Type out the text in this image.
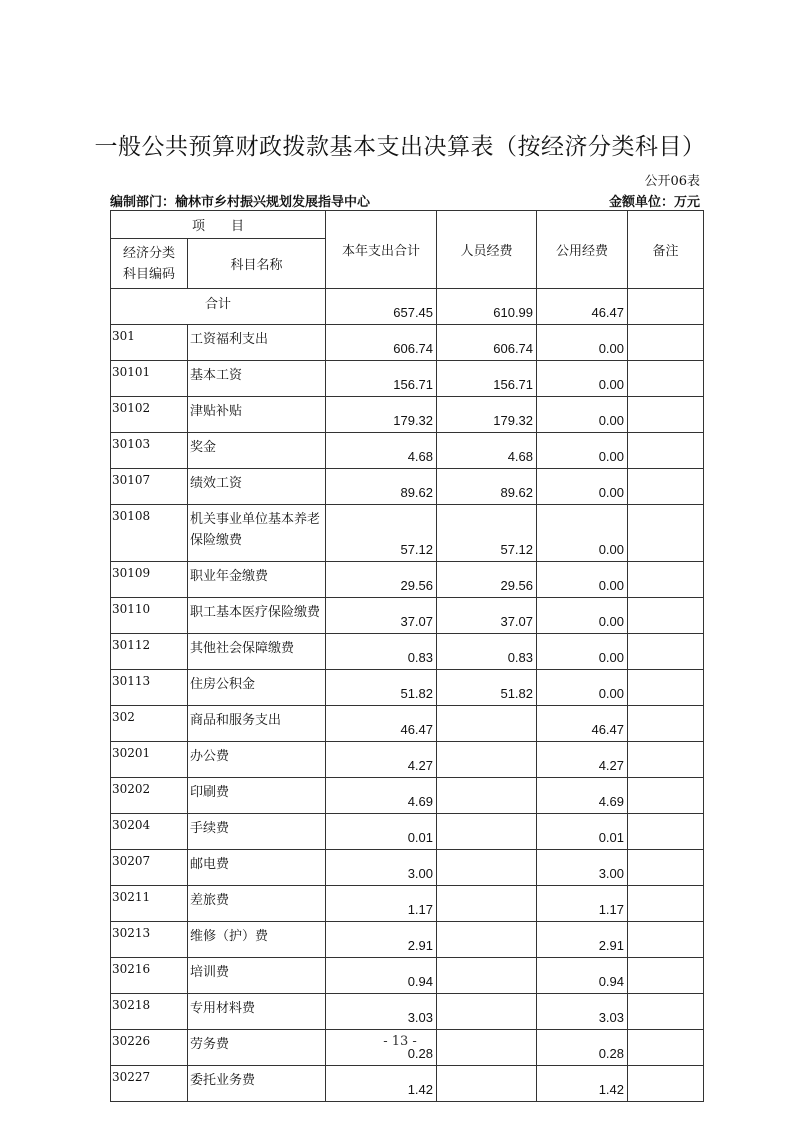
一般公共预算财政拨款基本支出决算表（按经济分类科目）
公开06表
编制部门：榆林市乡村振兴规划发展指导中心	金额单位：万元
项　　目		本年支出合计	人员经费	公用经费	备注
经济分类
科目编码	科目名称				
合计		657.45	610.99	46.47	
301	工资福利支出	606.74	606.74	0.00	
30101	基本工资	156.71	156.71	0.00	
30102	津贴补贴	179.32	179.32	0.00	
30103	奖金	4.68	4.68	0.00	
30107	绩效工资	89.62	89.62	0.00	
30108	机关事业单位基本养老保险缴费	57.12	57.12	0.00	
30109	职业年金缴费	29.56	29.56	0.00	
30110	职工基本医疗保险缴费	37.07	37.07	0.00	
30112	其他社会保障缴费	0.83	0.83	0.00	
30113	住房公积金	51.82	51.82	0.00	
302	商品和服务支出	46.47		46.47	
30201	办公费	4.27		4.27	
30202	印刷费	4.69		4.69	
30204	手续费	0.01		0.01	
30207	邮电费	3.00		3.00	
30211	差旅费	1.17		1.17	
30213	维修（护）费	2.91		2.91	
30216	培训费	0.94		0.94	
30218	专用材料费	3.03		3.03	
30226	劳务费	0.28		0.28	
30227	委托业务费	1.42		1.42	
- 13 -
